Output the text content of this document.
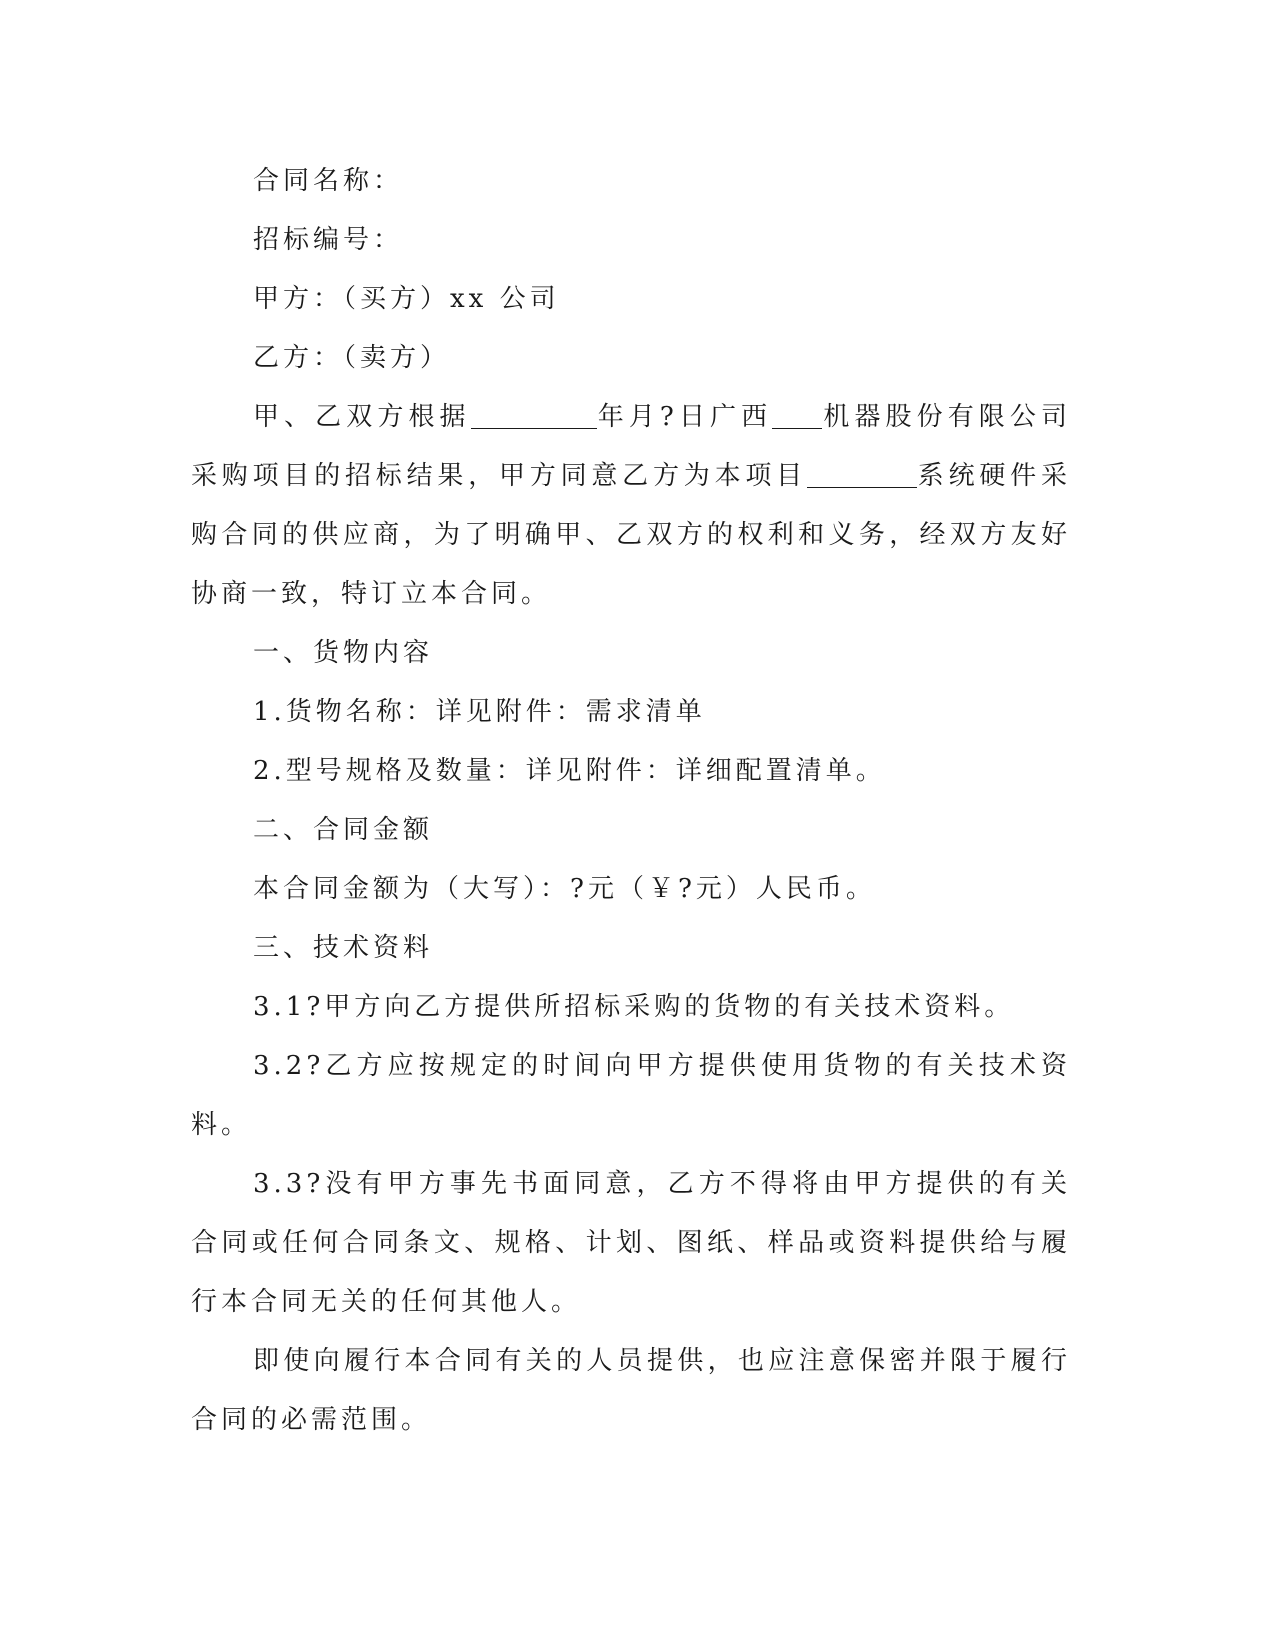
合同名称：

招标编号：

甲方：（买方）xx 公司

乙方：（卖方）

甲、乙双方根据	年月?日广西 机器股份有限公司采购项目的招标结果，甲方同意乙方为本项目	系统硬件采购合同的供应商，为了明确甲、乙双方的权利和义务，经双方友好协商一致，特订立本合同。

一、货物内容

1.货物名称：详见附件：需求清单

2.型号规格及数量：详见附件：详细配置清单。

二、合同金额

本合同金额为（大写）：?元（￥?元）人民币。

三、技术资料

3.1?甲方向乙方提供所招标采购的货物的有关技术资料。

3.2?乙方应按规定的时间向甲方提供使用货物的有关技术资料。

3.3?没有甲方事先书面同意，乙方不得将由甲方提供的有关合同或任何合同条文、规格、计划、图纸、样品或资料提供给与履行本合同无关的任何其他人。

即使向履行本合同有关的人员提供，也应注意保密并限于履行合同的必需范围。
